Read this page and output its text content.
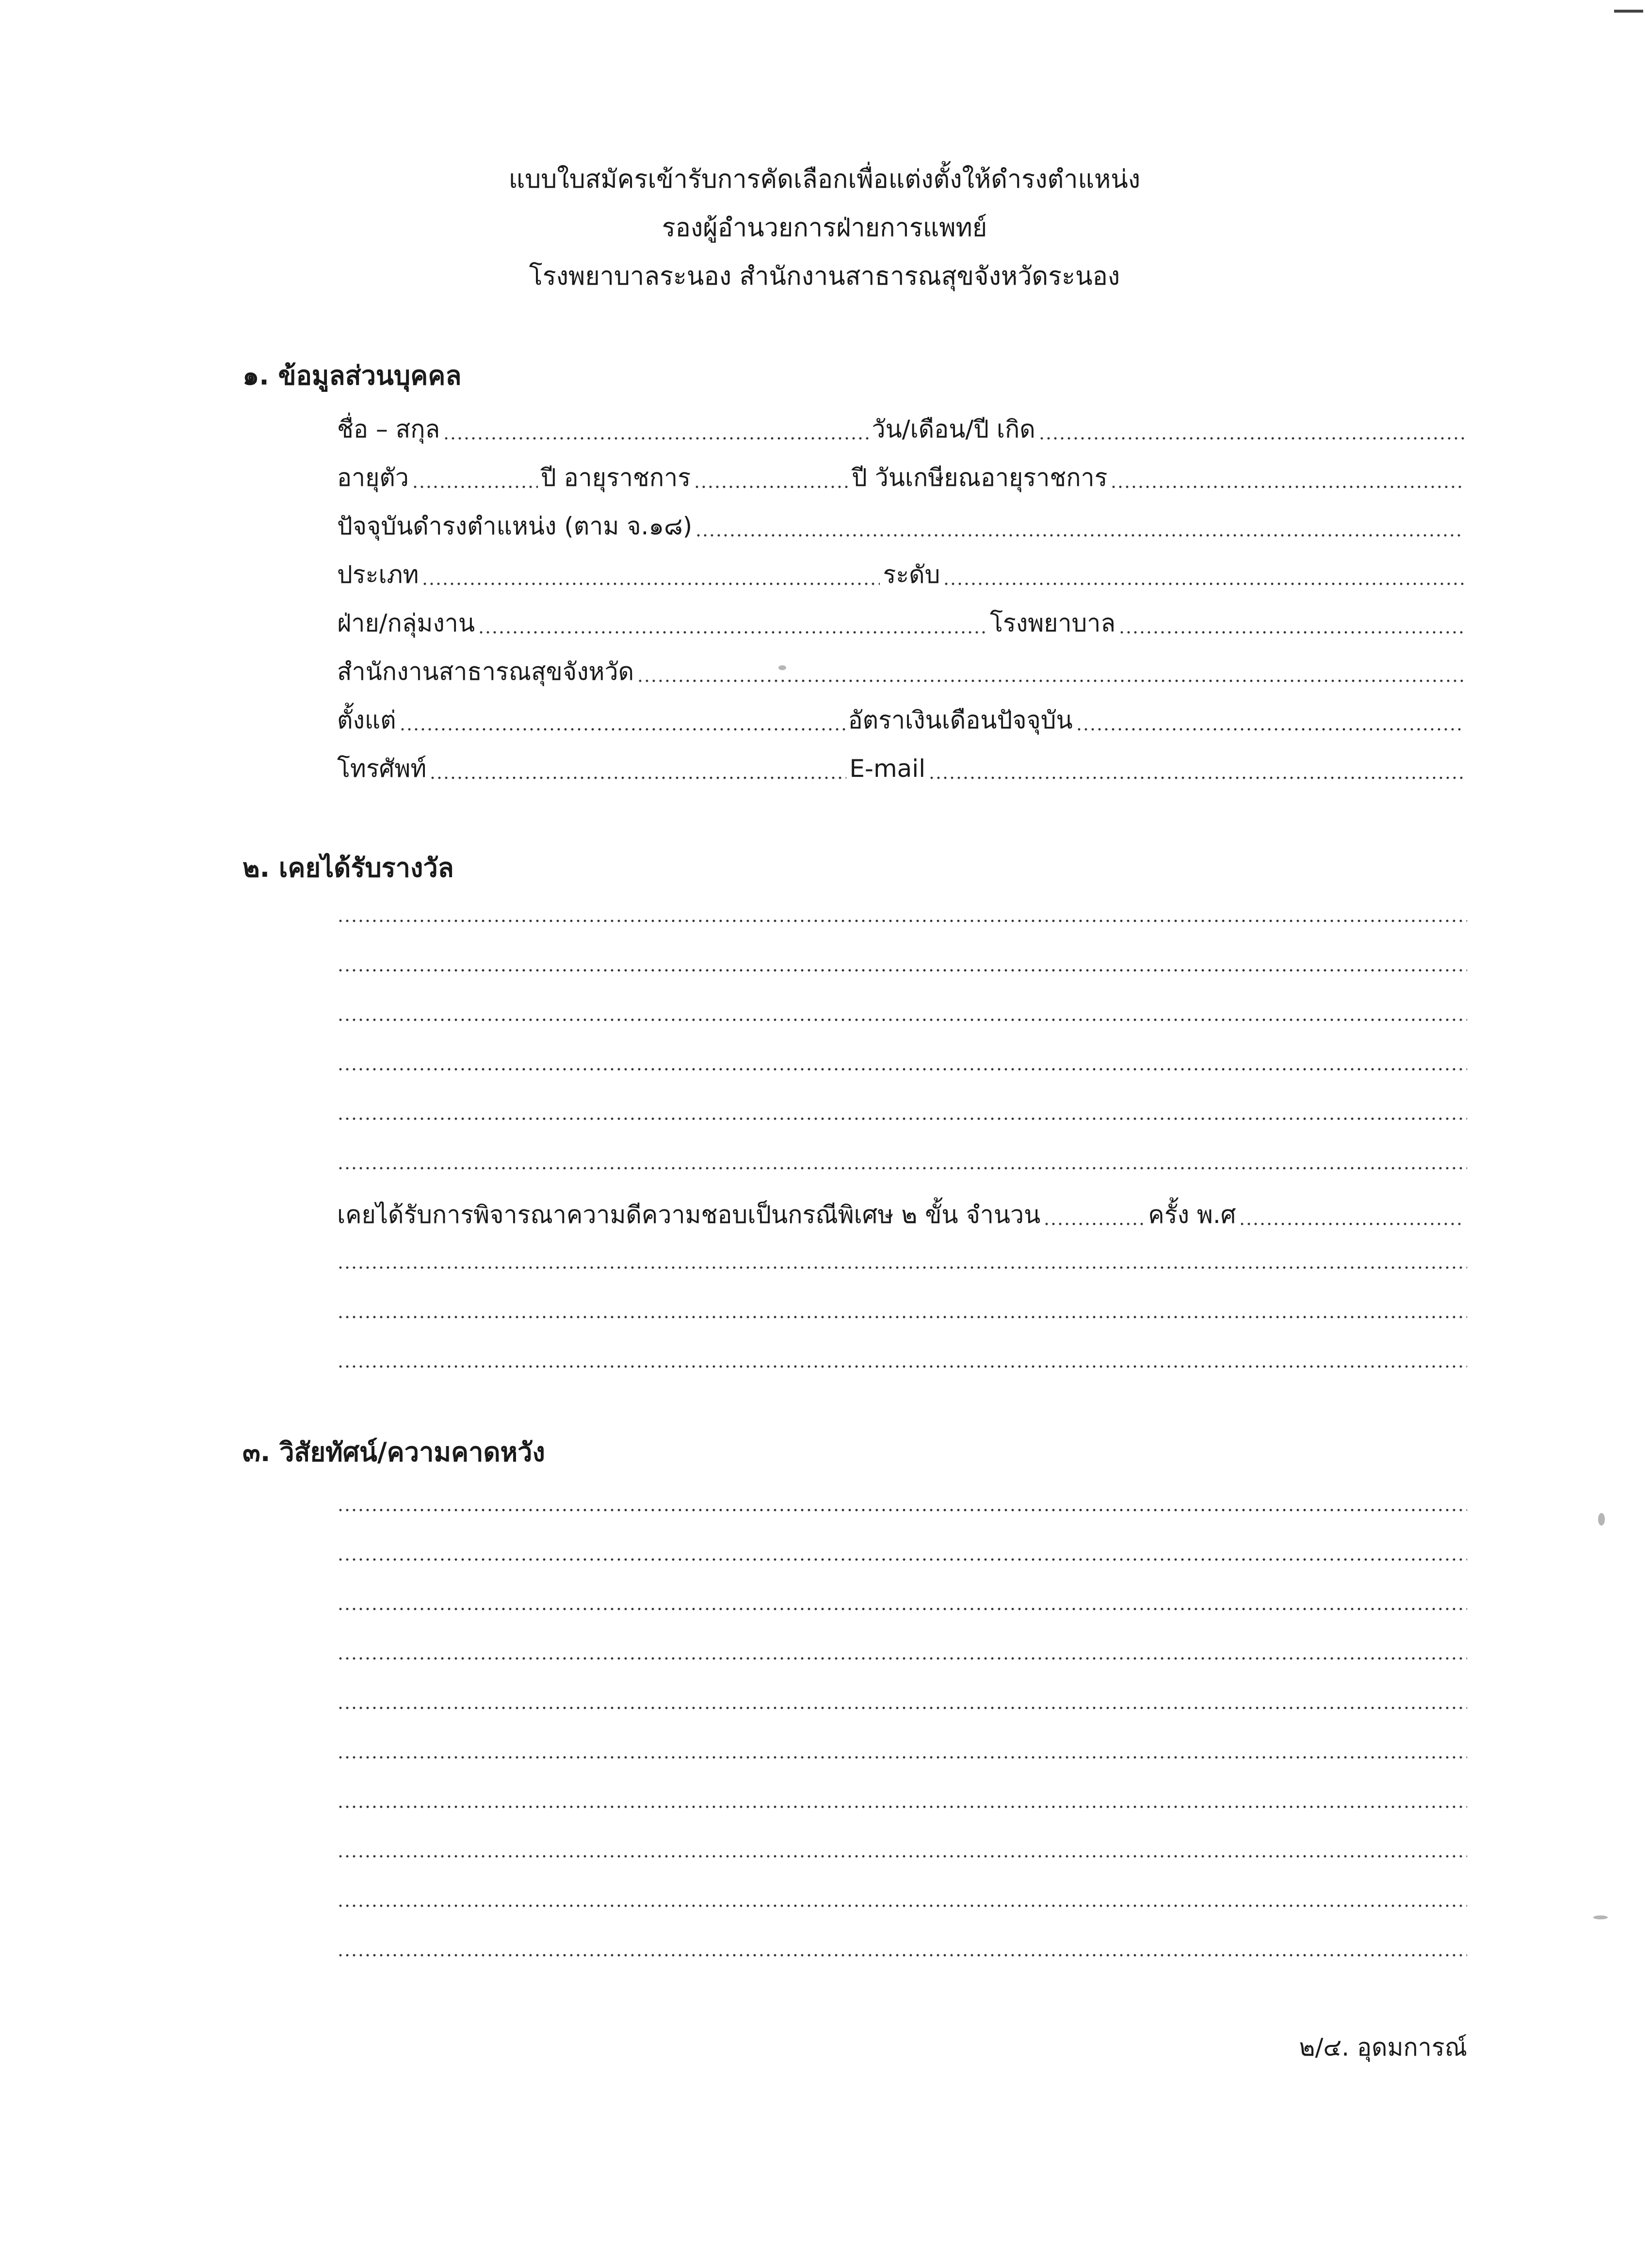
แบบใบสมัครเข้ารับการคัดเลือกเพื่อแต่งตั้งให้ดำรงตำแหน่ง
รองผู้อำนวยการฝ่ายการแพทย์
โรงพยาบาลระนอง สำนักงานสาธารณสุขจังหวัดระนอง
๑. ข้อมูลส่วนบุคคล
ชื่อ – สกุล	วัน/เดือน/ปี เกิด
อายุตัว	ปี อายุราชการ	ปี วันเกษียณอายุราชการ
ปัจจุบันดำรงตำแหน่ง (ตาม จ.๑๘)
ประเภท	ระดับ
ฝ่าย/กลุ่มงาน	โรงพยาบาล
สำนักงานสาธารณสุขจังหวัด
ตั้งแต่	อัตราเงินเดือนปัจจุบัน
โทรศัพท์	E-mail
๒. เคยได้รับรางวัล
เคยได้รับการพิจารณาความดีความชอบเป็นกรณีพิเศษ ๒ ขั้น จำนวน	ครั้ง พ.ศ
๓. วิสัยทัศน์/ความคาดหวัง
๒/๔. อุดมการณ์
